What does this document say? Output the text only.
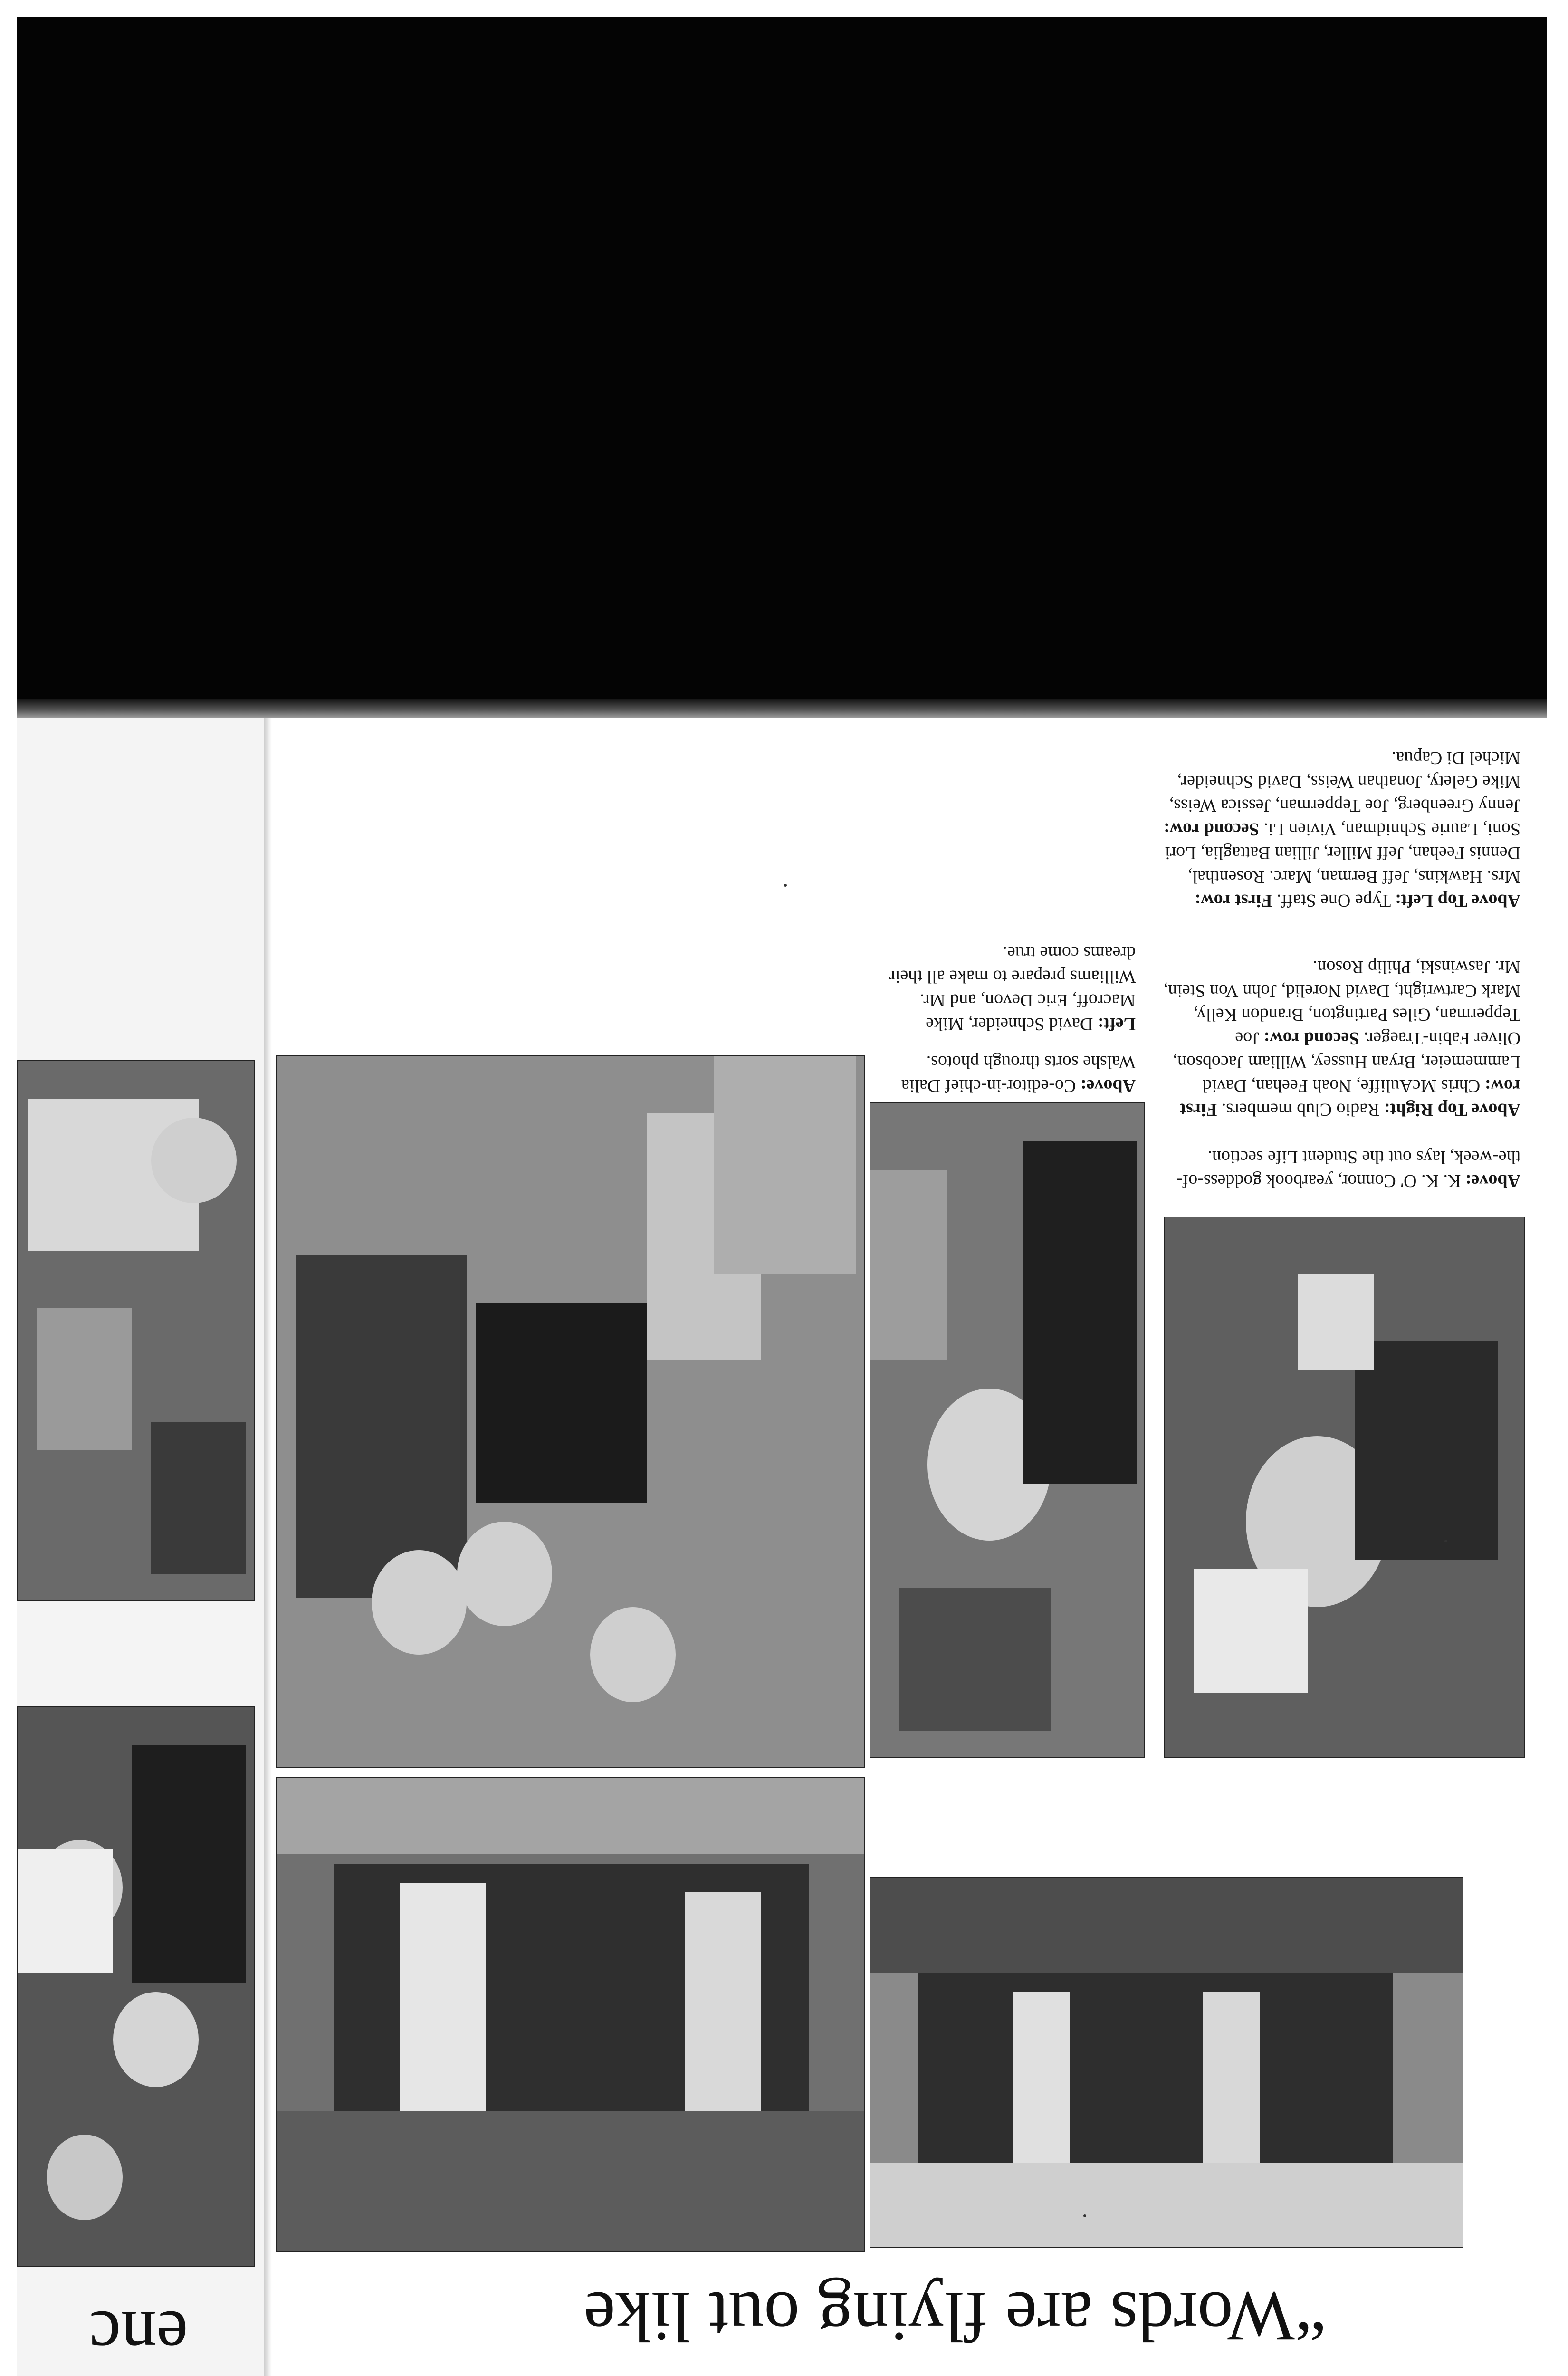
enc	“Words are flying out like
Above: K. K. O' Connor, yearbook goddess-of-the-week, lays out the Student Life section.
Above Top Right: Radio Club members. First row: Chris McAuliffe, Noah Feehan, David Lammemeier, Bryan Hussey, William Jacobson, Oliver Fabin-Traeger. Second row: Joe Tepperman, Giles Partington, Brandon Kelly, Mark Cartwright, David Norelid, John Von Stein, Mr. Jaswinski, Philip Roson.
Above Top Left: Type One Staff. First row: Mrs. Hawkins, Jeff Berman, Marc. Rosenthal, Dennis Feehan, Jeff Miller, Jillian Battaglia, Lori Soni, Laurie Schnidman, Vivien Li. Second row: Jenny Greenberg, Joe Tepperman, Jessica Weiss, Mike Gelety, Jonathan Weiss, David Schneider, Michel Di Capua.
Above: Co-editor-in-chief Dalia Walshe sorts through photos.
Left: David Schneider, Mike Macroff, Eric Devon, and Mr. Williams prepare to make all their dreams come true.
